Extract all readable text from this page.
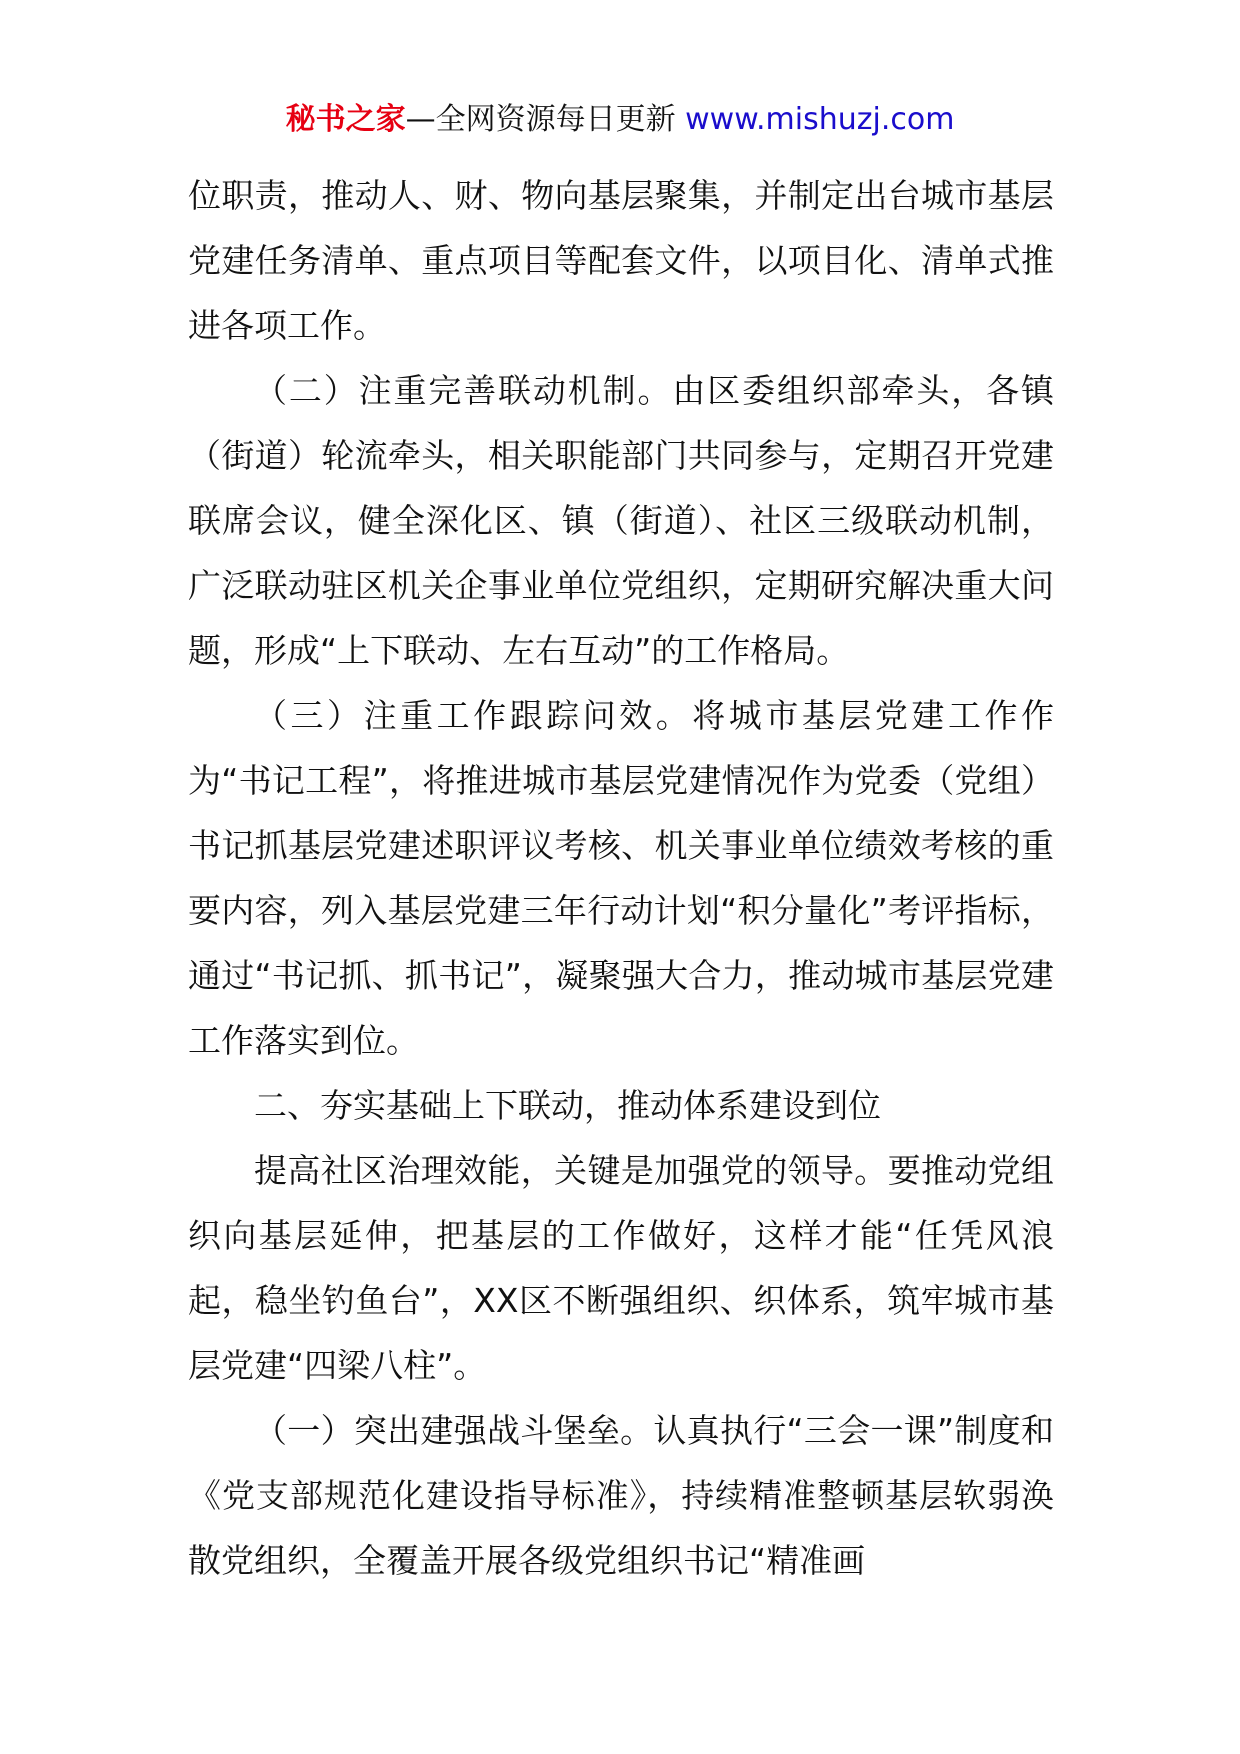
秘书之家—全网资源每日更新 www.mishuzj.com

位职责，推动人、财、物向基层聚集，并制定出台城市基层党建任务清单、重点项目等配套文件，以项目化、清单式推进各项工作。

（二）注重完善联动机制。由区委组织部牵头，各镇（街道）轮流牵头，相关职能部门共同参与，定期召开党建联席会议，健全深化区、镇（街道）、社区三级联动机制，广泛联动驻区机关企事业单位党组织，定期研究解决重大问题，形成“上下联动、左右互动”的工作格局。

（三）注重工作跟踪问效。将城市基层党建工作作为“书记工程”，将推进城市基层党建情况作为党委（党组）书记抓基层党建述职评议考核、机关事业单位绩效考核的重要内容，列入基层党建三年行动计划“积分量化”考评指标，通过“书记抓、抓书记”，凝聚强大合力，推动城市基层党建工作落实到位。

二、夯实基础上下联动，推动体系建设到位

提高社区治理效能，关键是加强党的领导。要推动党组织向基层延伸，把基层的工作做好，这样才能“任凭风浪起，稳坐钓鱼台”，XX区不断强组织、织体系，筑牢城市基层党建“四梁八柱”。

（一）突出建强战斗堡垒。认真执行“三会一课”制度和《党支部规范化建设指导标准》，持续精准整顿基层软弱涣散党组织，全覆盖开展各级党组织书记“精准画
